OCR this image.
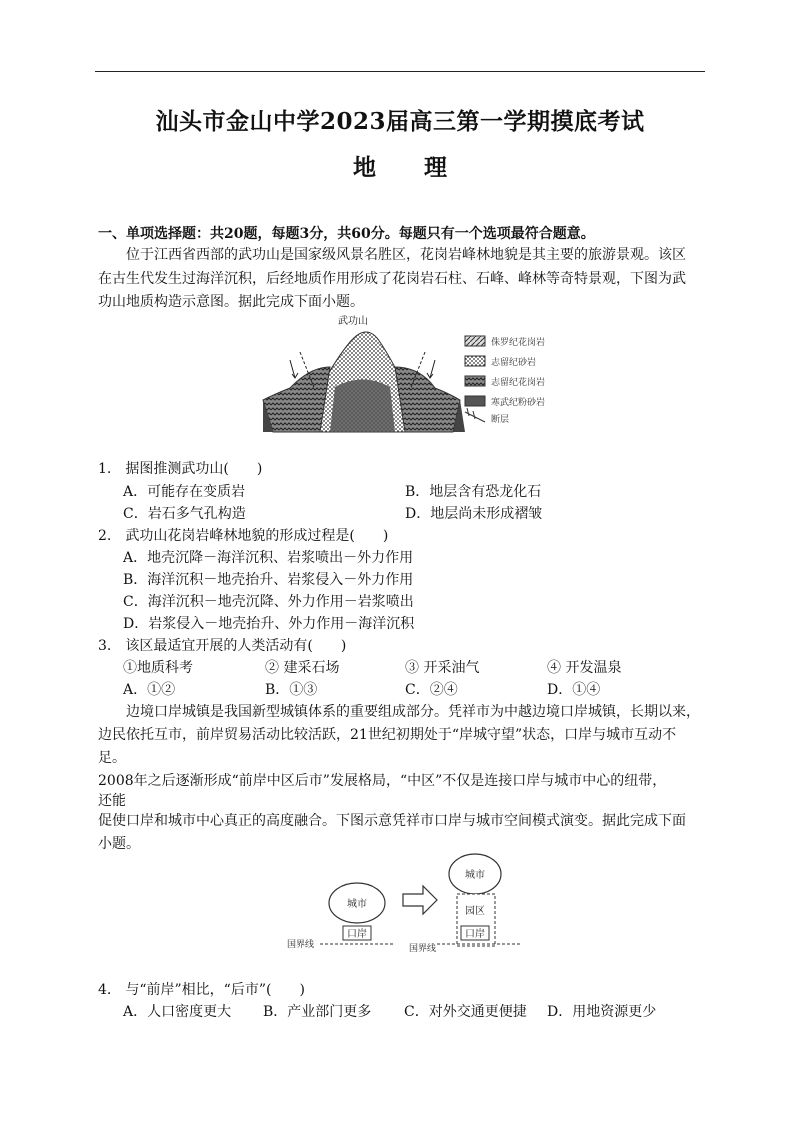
汕头市金山中学2023届高三第一学期摸底考试
地 理
一、单项选择题：共20题，每题3分，共60分。每题只有一个选项最符合题意。
位于江西省西部的武功山是国家级风景名胜区，花岗岩峰林地貌是其主要的旅游景观。该区
在古生代发生过海洋沉积，后经地质作用形成了花岗岩石柱、石峰、峰林等奇特景观，下图为武
功山地质构造示意图。据此完成下面小题。
武功山
侏罗纪花岗岩
志留纪砂岩
志留纪花岗岩
寒武纪粉砂岩
断层
1.　据图推测武功山(　　)
A．可能存在变质岩	B．地层含有恐龙化石
C．岩石多气孔构造	D．地层尚未形成褶皱
2.　武功山花岗岩峰林地貌的形成过程是(　　)
A．地壳沉降－海洋沉积、岩浆喷出－外力作用
B．海洋沉积－地壳抬升、岩浆侵入－外力作用
C．海洋沉积－地壳沉降、外力作用－岩浆喷出
D．岩浆侵入－地壳抬升、外力作用－海洋沉积
3.　该区最适宜开展的人类活动有(　　)
①地质科考	② 建采石场	③ 开采油气	④ 开发温泉
A．①②	B．①③	C．②④	D．①④
边境口岸城镇是我国新型城镇体系的重要组成部分。凭祥市为中越边境口岸城镇，长期以来，
边民依托互市，前岸贸易活动比较活跃，21世纪初期处于“岸城守望”状态，口岸与城市互动不
足。
2008年之后逐渐形成“前岸中区后市”发展格局，“中区”不仅是连接口岸与城市中心的纽带，
还能
促使口岸和城市中心真正的高度融合。下图示意凭祥市口岸与城市空间模式演变。据此完成下面
小题。
城市
口岸
国界线
城市
园区
口岸
国界线
4.　与“前岸”相比，“后市”(　　)
A．人口密度更大 B．产业部门更多 C．对外交通更便捷 D．用地资源更少
